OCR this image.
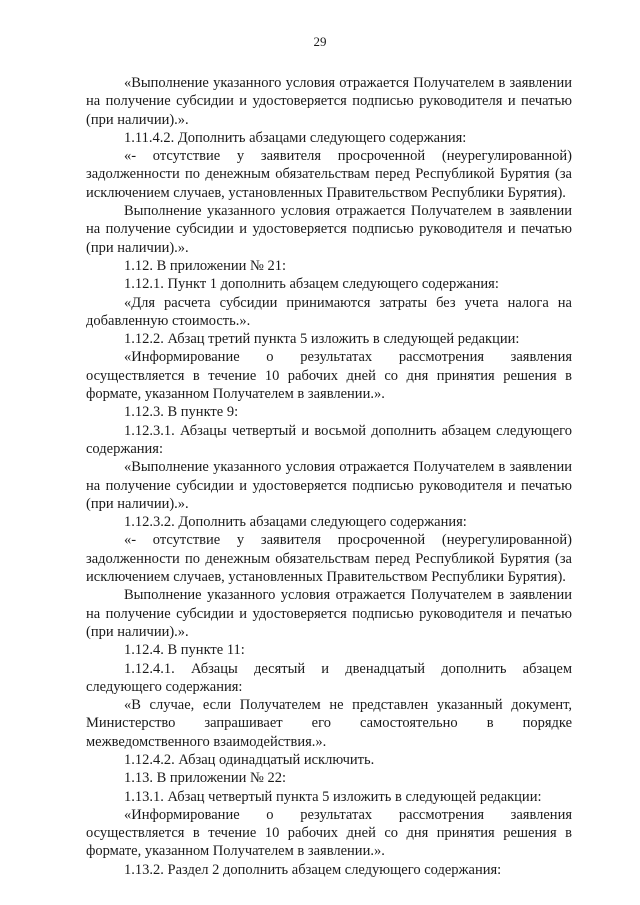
29

«Выполнение указанного условия отражается Получателем в заявлении на получение субсидии и удостоверяется подписью руководителя и печатью (при наличии).».

1.11.4.2. Дополнить абзацами следующего содержания:

«- отсутствие у заявителя просроченной (неурегулированной) задолженности по денежным обязательствам перед Республикой Бурятия (за исключением случаев, установленных Правительством Республики Бурятия).

Выполнение указанного условия отражается Получателем в заявлении на получение субсидии и удостоверяется подписью руководителя и печатью (при наличии).».

1.12. В приложении № 21:

1.12.1. Пункт 1 дополнить абзацем следующего содержания:

«Для расчета субсидии принимаются затраты без учета налога на добавленную стоимость.».

1.12.2. Абзац третий пункта 5 изложить в следующей редакции:

«Информирование о результатах рассмотрения заявления осуществляется в течение 10 рабочих дней со дня принятия решения в формате, указанном Получателем в заявлении.».

1.12.3. В пункте 9:

1.12.3.1. Абзацы четвертый и восьмой дополнить абзацем следующего содержания:

«Выполнение указанного условия отражается Получателем в заявлении на получение субсидии и удостоверяется подписью руководителя и печатью (при наличии).».

1.12.3.2. Дополнить абзацами следующего содержания:

«- отсутствие у заявителя просроченной (неурегулированной) задолженности по денежным обязательствам перед Республикой Бурятия (за исключением случаев, установленных Правительством Республики Бурятия).

Выполнение указанного условия отражается Получателем в заявлении на получение субсидии и удостоверяется подписью руководителя и печатью (при наличии).».

1.12.4. В пункте 11:

1.12.4.1. Абзацы десятый и двенадцатый дополнить абзацем следующего содержания:

«В случае, если Получателем не представлен указанный документ, Министерство запрашивает его самостоятельно в порядке межведомственного взаимодействия.».

1.12.4.2. Абзац одинадцатый исключить.

1.13. В приложении № 22:

1.13.1. Абзац четвертый пункта 5 изложить в следующей редакции:

«Информирование о результатах рассмотрения заявления осуществляется в течение 10 рабочих дней со дня принятия решения в формате, указанном Получателем в заявлении.».

1.13.2. Раздел 2 дополнить абзацем следующего содержания:
